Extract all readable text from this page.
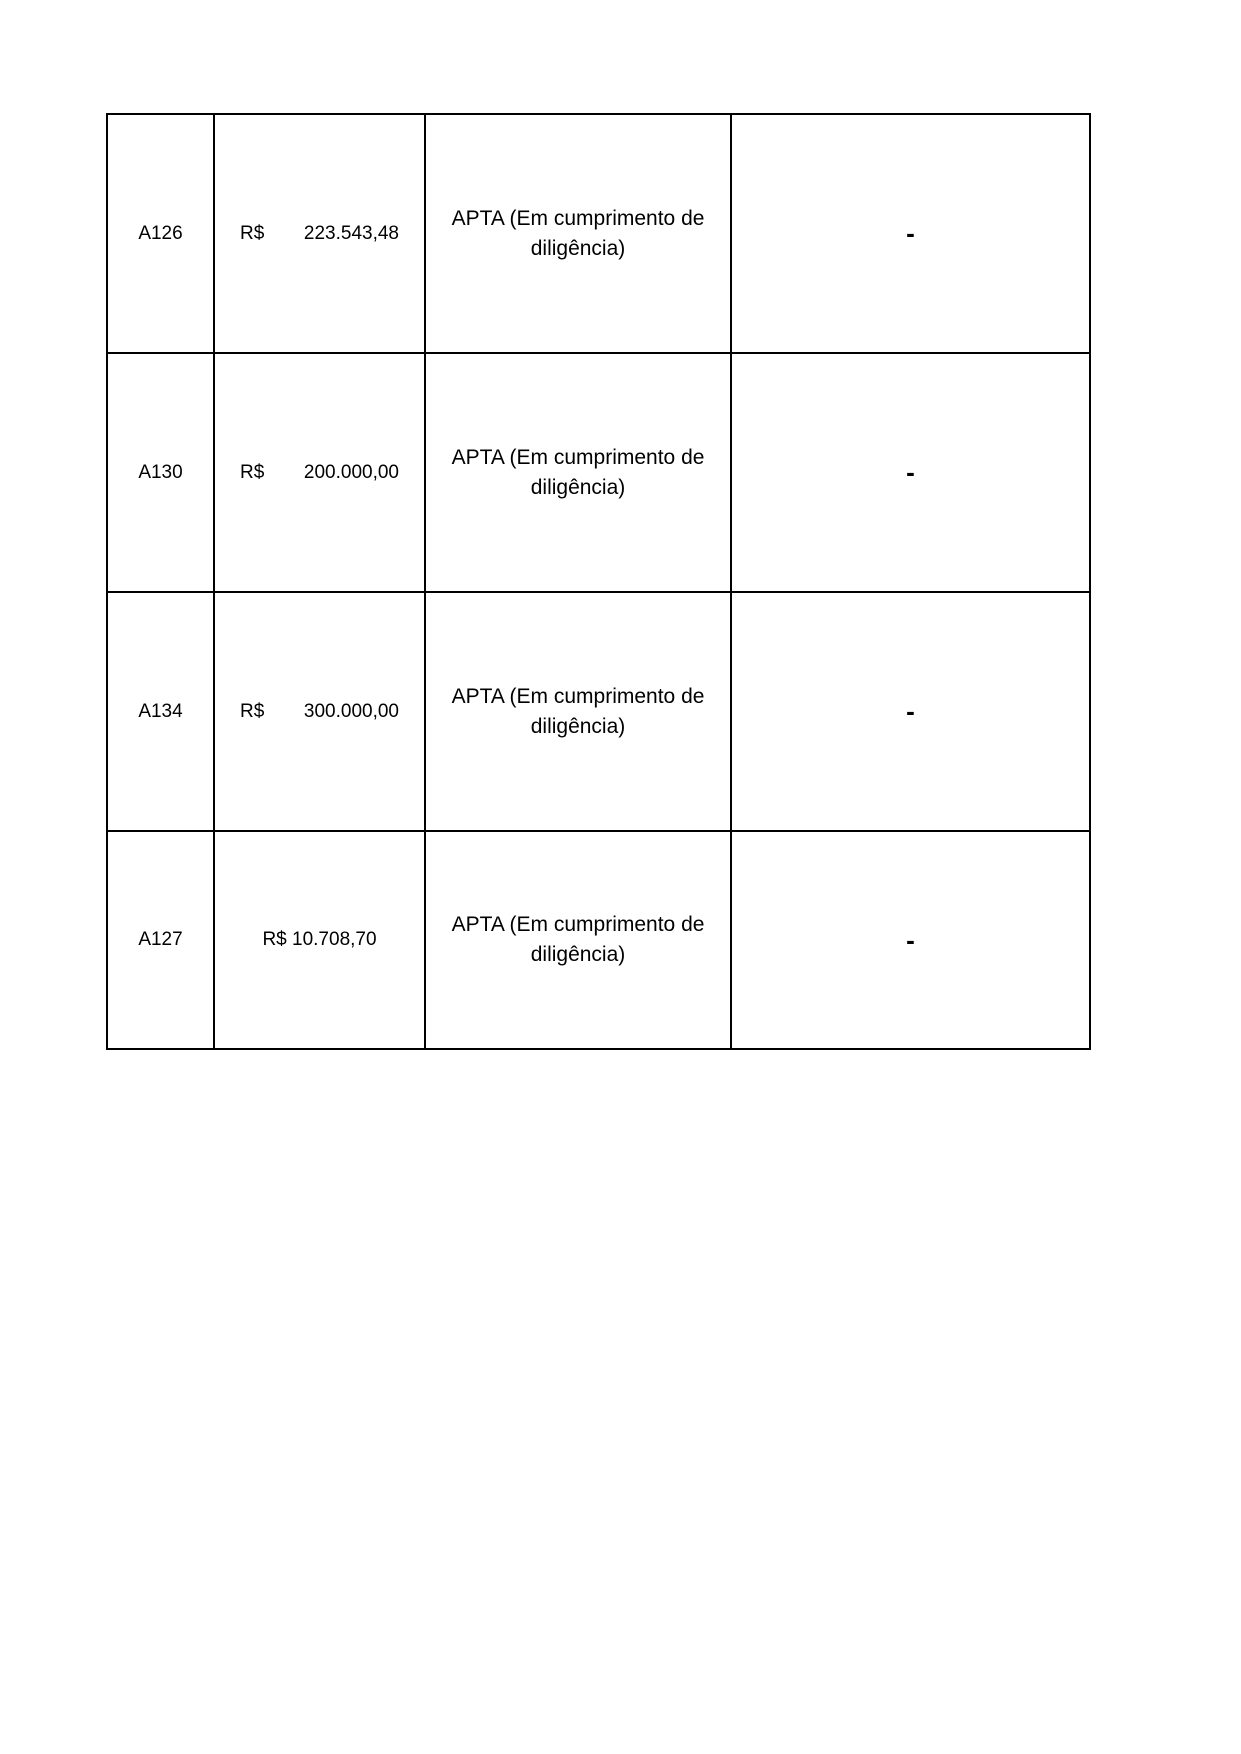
A126	R$ 223.543,48	APTA (Em cumprimento de
diligência)	-
A130	R$ 200.000,00	APTA (Em cumprimento de
diligência)	-
A134	R$ 300.000,00	APTA (Em cumprimento de
diligência)	-
A127	R$ 10.708,70	APTA (Em cumprimento de
diligência)	-
